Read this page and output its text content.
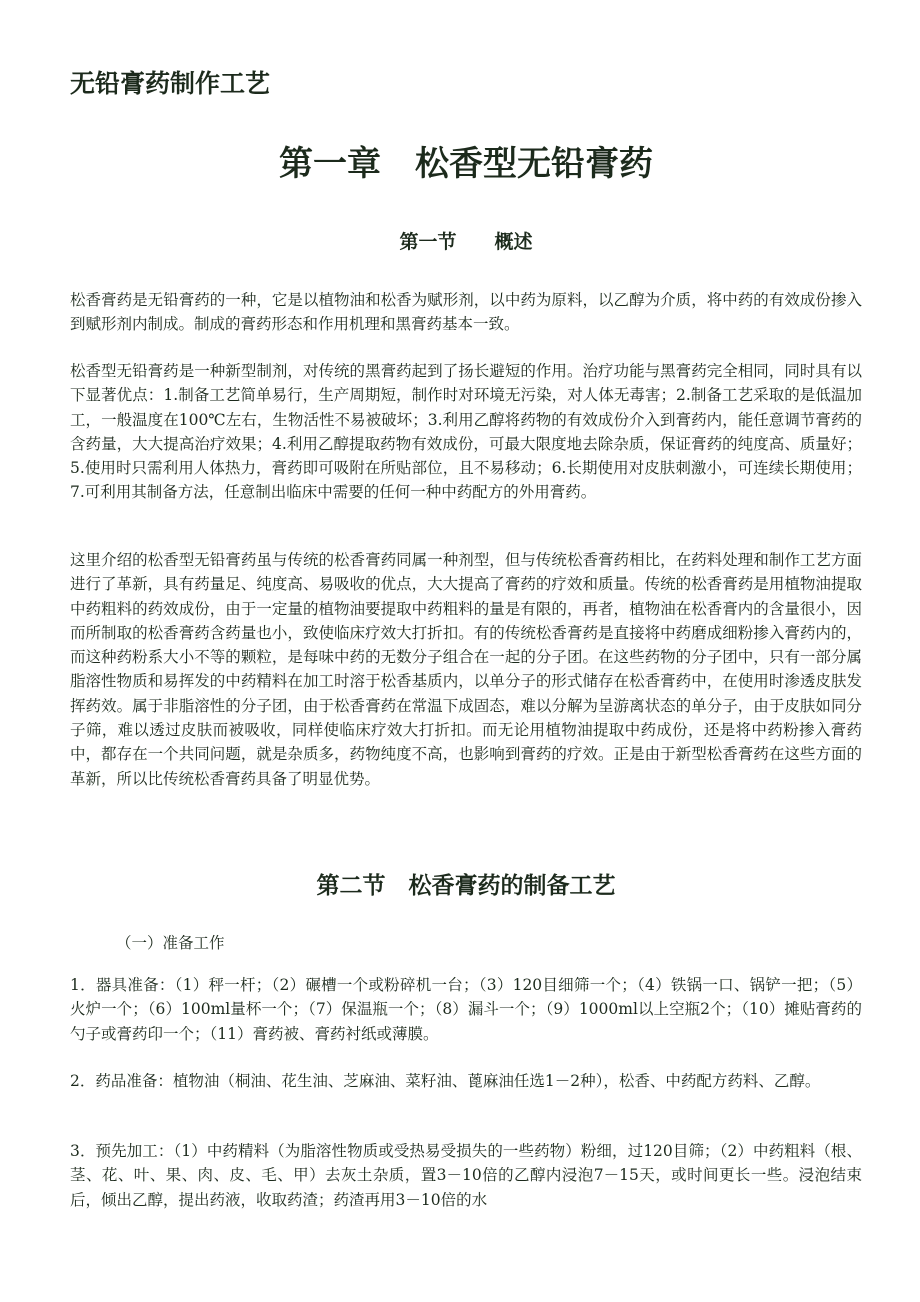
无铅膏药制作工艺
第一章　松香型无铅膏药
第一节　　概述

松香膏药是无铅膏药的一种，它是以植物油和松香为赋形剂，以中药为原料，以乙醇为介质，将中药的有效成份掺入到赋形剂内制成。制成的膏药形态和作用机理和黑膏药基本一致。

松香型无铅膏药是一种新型制剂，对传统的黑膏药起到了扬长避短的作用。治疗功能与黑膏药完全相同，同时具有以下显著优点：1.制备工艺简单易行，生产周期短，制作时对环境无污染，对人体无毒害；2.制备工艺采取的是低温加工，一般温度在100℃左右，生物活性不易被破坏；3.利用乙醇将药物的有效成份介入到膏药内，能任意调节膏药的含药量，大大提高治疗效果；4.利用乙醇提取药物有效成份，可最大限度地去除杂质，保证膏药的纯度高、质量好；5.使用时只需利用人体热力，膏药即可吸附在所贴部位，且不易移动；6.长期使用对皮肤刺激小，可连续长期使用；7.可利用其制备方法，任意制出临床中需要的任何一种中药配方的外用膏药。

这里介绍的松香型无铅膏药虽与传统的松香膏药同属一种剂型，但与传统松香膏药相比，在药料处理和制作工艺方面进行了革新，具有药量足、纯度高、易吸收的优点，大大提高了膏药的疗效和质量。传统的松香膏药是用植物油提取中药粗料的药效成份，由于一定量的植物油要提取中药粗料的量是有限的，再者，植物油在松香膏内的含量很小，因而所制取的松香膏药含药量也小，致使临床疗效大打折扣。有的传统松香膏药是直接将中药磨成细粉掺入膏药内的，而这种药粉系大小不等的颗粒，是每味中药的无数分子组合在一起的分子团。在这些药物的分子团中，只有一部分属脂溶性物质和易挥发的中药精料在加工时溶于松香基质内，以单分子的形式储存在松香膏药中，在使用时渗透皮肤发挥药效。属于非脂溶性的分子团，由于松香膏药在常温下成固态，难以分解为呈游离状态的单分子，由于皮肤如同分子筛，难以透过皮肤而被吸收，同样使临床疗效大打折扣。而无论用植物油提取中药成份，还是将中药粉掺入膏药中，都存在一个共同问题，就是杂质多，药物纯度不高，也影响到膏药的疗效。正是由于新型松香膏药在这些方面的革新，所以比传统松香膏药具备了明显优势。

第二节　松香膏药的制备工艺

（一）准备工作

1．器具准备：（1）秤一杆；（2）碾槽一个或粉碎机一台；（3）120目细筛一个；（4）铁锅一口、锅铲一把；（5）火炉一个；（6）100ml量杯一个；（7）保温瓶一个；（8）漏斗一个；（9）1000ml以上空瓶2个；（10）摊贴膏药的勺子或膏药印一个；（11）膏药被、膏药衬纸或薄膜。

2．药品准备：植物油（桐油、花生油、芝麻油、菜籽油、蓖麻油任选1－2种），松香、中药配方药料、乙醇。

3．预先加工：（1）中药精料（为脂溶性物质或受热易受损失的一些药物）粉细，过120目筛；（2）中药粗料（根、茎、花、叶、果、肉、皮、毛、甲）去灰土杂质，置3－10倍的乙醇内浸泡7－15天，或时间更长一些。浸泡结束后，倾出乙醇，提出药液，收取药渣；药渣再用3－10倍的水
